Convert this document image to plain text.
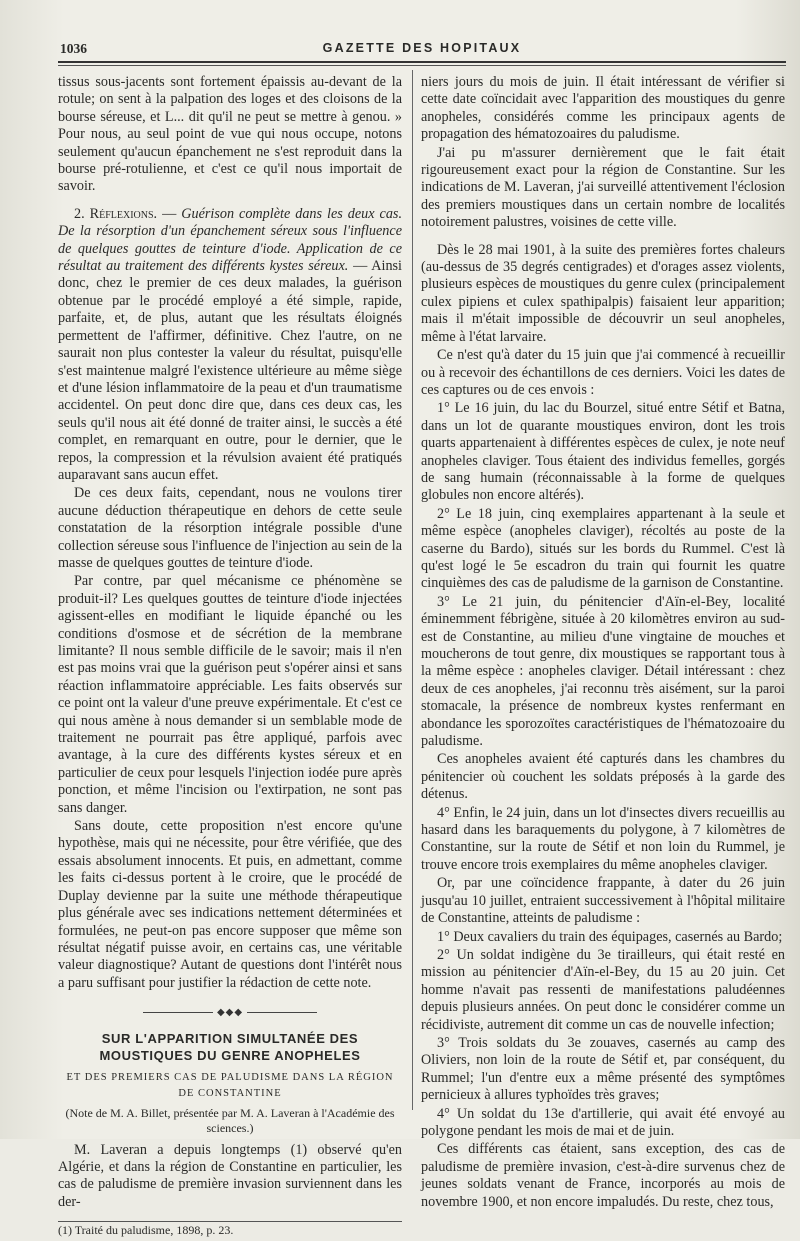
1036	GAZETTE DES HOPITAUX

tissus sous-jacents sont fortement épaissis au-devant de la rotule; on sent à la palpation des loges et des cloisons de la bourse séreuse, et L... dit qu'il ne peut se mettre à genou. » Pour nous, au seul point de vue qui nous occupe, notons seulement qu'aucun épanchement ne s'est reproduit dans la bourse pré-rotulienne, et c'est ce qu'il nous importait de savoir.

2. Réflexions. — Guérison complète dans les deux cas. De la résorption d'un épanchement séreux sous l'influence de quelques gouttes de teinture d'iode. Application de ce résultat au traitement des différents kystes séreux. — Ainsi donc, chez le premier de ces deux malades, la guérison obtenue par le procédé employé a été simple, rapide, parfaite, et, de plus, autant que les résultats éloignés permettent de l'affirmer, définitive. Chez l'autre, on ne saurait non plus contester la valeur du résultat, puisqu'elle s'est maintenue malgré l'existence ultérieure au même siège et d'une lésion inflammatoire de la peau et d'un traumatisme accidentel. On peut donc dire que, dans ces deux cas, les seuls qu'il nous ait été donné de traiter ainsi, le succès a été complet, en remarquant en outre, pour le dernier, que le repos, la compression et la révulsion avaient été pratiqués auparavant sans aucun effet.

De ces deux faits, cependant, nous ne voulons tirer aucune déduction thérapeutique en dehors de cette seule constatation de la résorption intégrale possible d'une collection séreuse sous l'influence de l'injection au sein de la masse de quelques gouttes de teinture d'iode.

Par contre, par quel mécanisme ce phénomène se produit-il? Les quelques gouttes de teinture d'iode injectées agissent-elles en modifiant le liquide épanché ou les conditions d'osmose et de sécrétion de la membrane limitante? Il nous semble difficile de le savoir; mais il n'en est pas moins vrai que la guérison peut s'opérer ainsi et sans réaction inflammatoire appréciable. Les faits observés sur ce point ont la valeur d'une preuve expérimentale. Et c'est ce qui nous amène à nous demander si un semblable mode de traitement ne pourrait pas être appliqué, parfois avec avantage, à la cure des différents kystes séreux et en particulier de ceux pour lesquels l'injection iodée pure après ponction, et même l'incision ou l'extirpation, ne sont pas sans danger.

Sans doute, cette proposition n'est encore qu'une hypothèse, mais qui ne nécessite, pour être vérifiée, que des essais absolument innocents. Et puis, en admettant, comme les faits ci-dessus portent à le croire, que le procédé de Duplay devienne par la suite une méthode thérapeutique plus générale avec ses indications nettement déterminées et formulées, ne peut-on pas encore supposer que même son résultat négatif puisse avoir, en certains cas, une véritable valeur diagnostique? Autant de questions dont l'intérêt nous a paru suffisant pour justifier la rédaction de cette note.

◆◆◆
SUR L'APPARITION SIMULTANÉE DES MOUSTIQUES DU GENRE ANOPHELES
ET DES PREMIERS CAS DE PALUDISME DANS LA RÉGION DE CONSTANTINE
(Note de M. A. Billet, présentée par M. A. Laveran à l'Académie des sciences.)

M. Laveran a depuis longtemps (1) observé qu'en Algérie, et dans la région de Constantine en particulier, les cas de paludisme de première invasion surviennent dans les der-

(1) Traité du paludisme, 1898, p. 23.

niers jours du mois de juin. Il était intéressant de vérifier si cette date coïncidait avec l'apparition des moustiques du genre anopheles, considérés comme les principaux agents de propagation des hématozoaires du paludisme.

J'ai pu m'assurer dernièrement que le fait était rigoureusement exact pour la région de Constantine. Sur les indications de M. Laveran, j'ai surveillé attentivement l'éclosion des premiers moustiques dans un certain nombre de localités notoirement palustres, voisines de cette ville.

Dès le 28 mai 1901, à la suite des premières fortes chaleurs (au-dessus de 35 degrés centigrades) et d'orages assez violents, plusieurs espèces de moustiques du genre culex (principalement culex pipiens et culex spathipalpis) faisaient leur apparition; mais il m'était impossible de découvrir un seul anopheles, même à l'état larvaire.

Ce n'est qu'à dater du 15 juin que j'ai commencé à recueillir ou à recevoir des échantillons de ces derniers. Voici les dates de ces captures ou de ces envois :

1° Le 16 juin, du lac du Bourzel, situé entre Sétif et Batna, dans un lot de quarante moustiques environ, dont les trois quarts appartenaient à différentes espèces de culex, je note neuf anopheles claviger. Tous étaient des individus femelles, gorgés de sang humain (réconnaissable à la forme de quelques globules non encore altérés).

2° Le 18 juin, cinq exemplaires appartenant à la seule et même espèce (anopheles claviger), récoltés au poste de la caserne du Bardo), situés sur les bords du Rummel. C'est là qu'est logé le 5e escadron du train qui fournit les quatre cinquièmes des cas de paludisme de la garnison de Constantine.

3° Le 21 juin, du pénitencier d'Aïn-el-Bey, localité éminemment fébrigène, située à 20 kilomètres environ au sud-est de Constantine, au milieu d'une vingtaine de mouches et moucherons de tout genre, dix moustiques se rapportant tous à la même espèce : anopheles claviger. Détail intéressant : chez deux de ces anopheles, j'ai reconnu très aisément, sur la paroi stomacale, la présence de nombreux kystes renfermant en abondance les sporozoïtes caractéristiques de l'hématozoaire du paludisme.

Ces anopheles avaient été capturés dans les chambres du pénitencier où couchent les soldats préposés à la garde des détenus.

4° Enfin, le 24 juin, dans un lot d'insectes divers recueillis au hasard dans les baraquements du polygone, à 7 kilomètres de Constantine, sur la route de Sétif et non loin du Rummel, je trouve encore trois exemplaires du même anopheles claviger.

Or, par une coïncidence frappante, à dater du 26 juin jusqu'au 10 juillet, entraient successivement à l'hôpital militaire de Constantine, atteints de paludisme :

1° Deux cavaliers du train des équipages, casernés au Bardo;

2° Un soldat indigène du 3e tirailleurs, qui était resté en mission au pénitencier d'Aïn-el-Bey, du 15 au 20 juin. Cet homme n'avait pas ressenti de manifestations paludéennes depuis plusieurs années. On peut donc le considérer comme un récidiviste, autrement dit comme un cas de nouvelle infection;

3° Trois soldats du 3e zouaves, casernés au camp des Oliviers, non loin de la route de Sétif et, par conséquent, du Rummel; l'un d'entre eux a même présenté des symptômes pernicieux à allures typhoïdes très graves;

4° Un soldat du 13e d'artillerie, qui avait été envoyé au polygone pendant les mois de mai et de juin.

Ces différents cas étaient, sans exception, des cas de paludisme de première invasion, c'est-à-dire survenus chez de jeunes soldats venant de France, incorporés au mois de novembre 1900, et non encore impaludés. Du reste, chez tous,
